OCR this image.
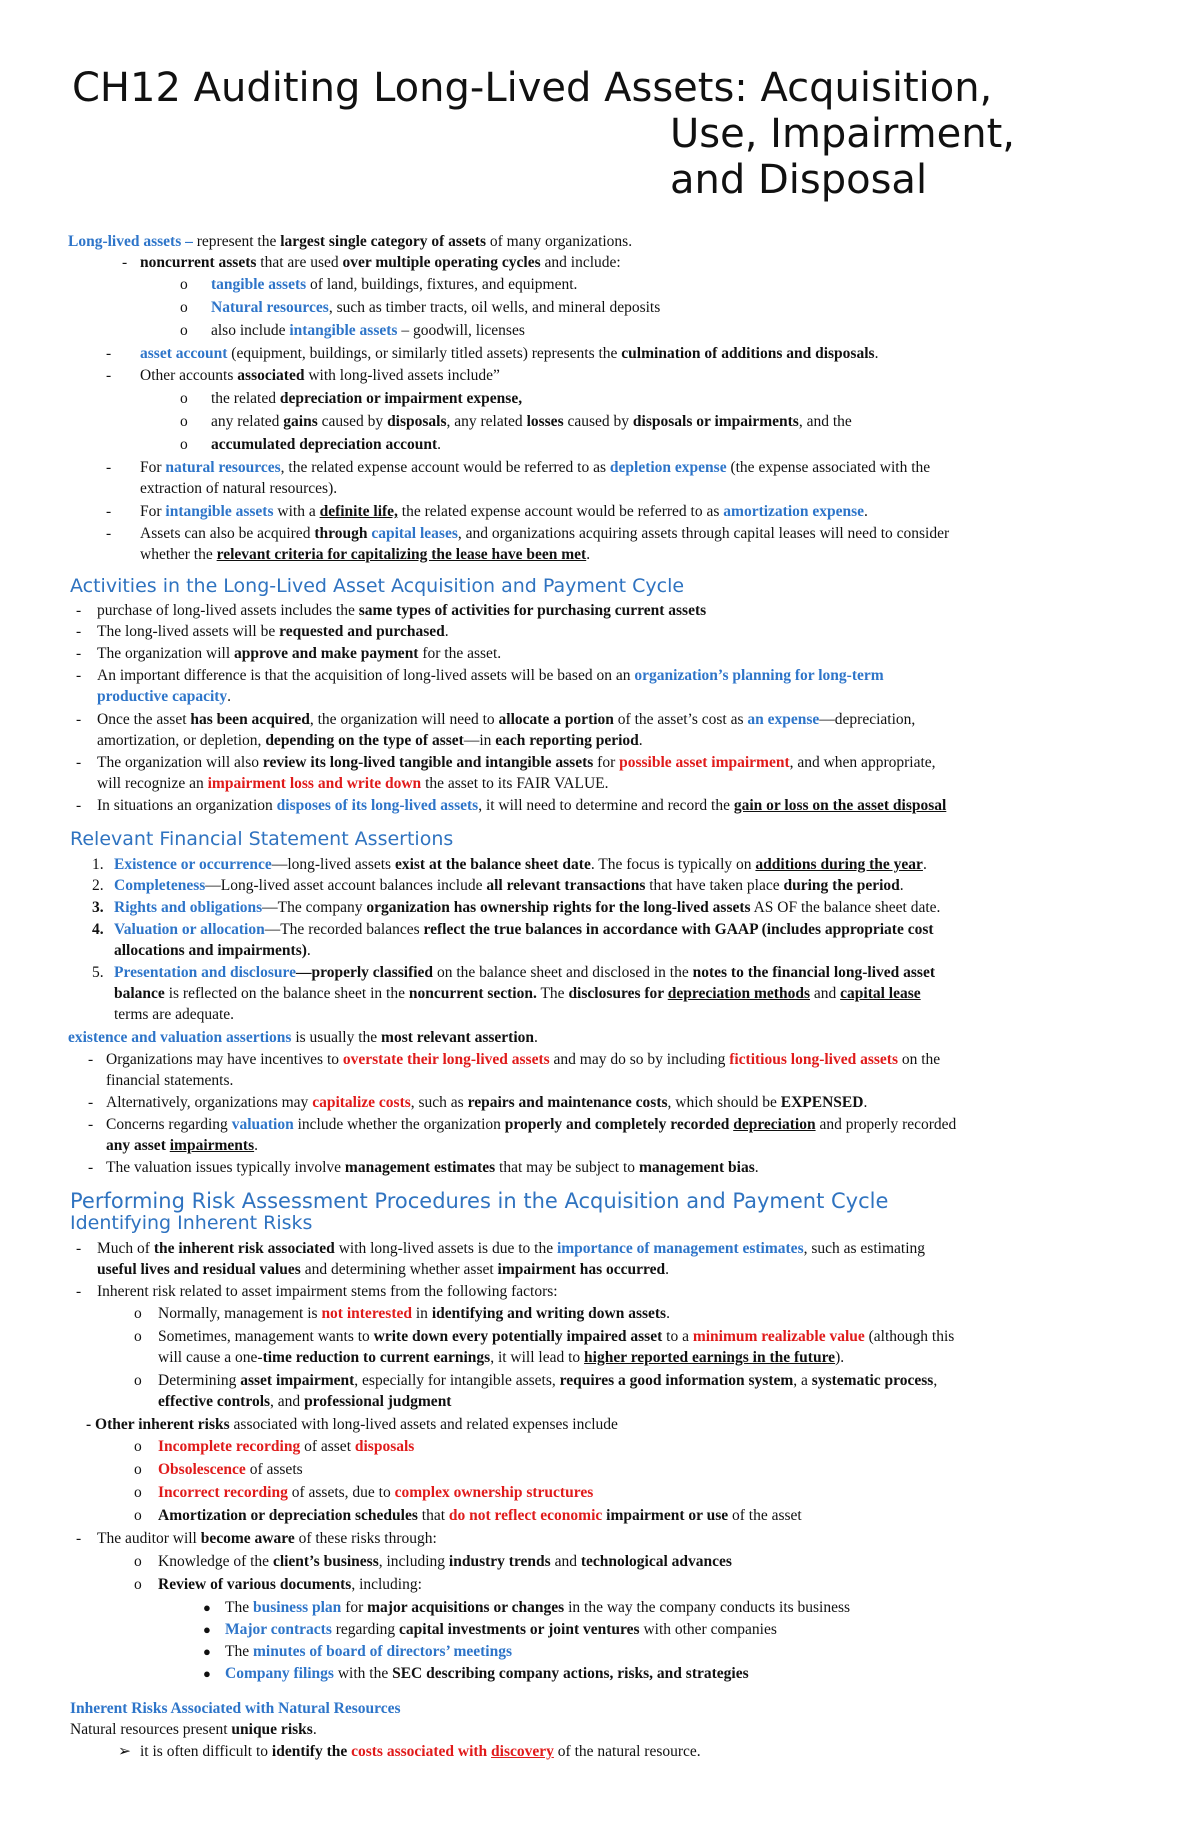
CH12 Auditing Long-Lived Assets: Acquisition,
Use, Impairment,
and Disposal
Long-lived assets – represent the largest single category of assets of many organizations.
- noncurrent assets that are used over multiple operating cycles and include:
o tangible assets of land, buildings, fixtures, and equipment.
o Natural resources, such as timber tracts, oil wells, and mineral deposits
o also include intangible assets – goodwill, licenses
- asset account (equipment, buildings, or similarly titled assets) represents the culmination of additions and disposals.
- Other accounts associated with long-lived assets include”
o the related depreciation or impairment expense,
o any related gains caused by disposals, any related losses caused by disposals or impairments, and the
o accumulated depreciation account.
- For natural resources, the related expense account would be referred to as depletion expense (the expense associated with the
extraction of natural resources).
- For intangible assets with a definite life, the related expense account would be referred to as amortization expense.
- Assets can also be acquired through capital leases, and organizations acquiring assets through capital leases will need to consider
whether the relevant criteria for capitalizing the lease have been met.
Activities in the Long-Lived Asset Acquisition and Payment Cycle
- purchase of long-lived assets includes the same types of activities for purchasing current assets
- The long-lived assets will be requested and purchased.
- The organization will approve and make payment for the asset.
- An important difference is that the acquisition of long-lived assets will be based on an organization’s planning for long-term
productive capacity.
- Once the asset has been acquired, the organization will need to allocate a portion of the asset’s cost as an expense—depreciation,
amortization, or depletion, depending on the type of asset—in each reporting period.
- The organization will also review its long-lived tangible and intangible assets for possible asset impairment, and when appropriate,
will recognize an impairment loss and write down the asset to its FAIR VALUE.
- In situations an organization disposes of its long-lived assets, it will need to determine and record the gain or loss on the asset disposal
Relevant Financial Statement Assertions
1. Existence or occurrence—long-lived assets exist at the balance sheet date. The focus is typically on additions during the year.
2. Completeness—Long-lived asset account balances include all relevant transactions that have taken place during the period.
3. Rights and obligations—The company organization has ownership rights for the long-lived assets AS OF the balance sheet date.
4. Valuation or allocation—The recorded balances reflect the true balances in accordance with GAAP (includes appropriate cost
allocations and impairments).
5. Presentation and disclosure—properly classified on the balance sheet and disclosed in the notes to the financial long-lived asset
balance is reflected on the balance sheet in the noncurrent section. The disclosures for depreciation methods and capital lease
terms are adequate.
existence and valuation assertions is usually the most relevant assertion.
- Organizations may have incentives to overstate their long-lived assets and may do so by including fictitious long-lived assets on the
financial statements.
- Alternatively, organizations may capitalize costs, such as repairs and maintenance costs, which should be EXPENSED.
- Concerns regarding valuation include whether the organization properly and completely recorded depreciation and properly recorded
any asset impairments.
- The valuation issues typically involve management estimates that may be subject to management bias.
Performing Risk Assessment Procedures in the Acquisition and Payment Cycle
Identifying Inherent Risks
- Much of the inherent risk associated with long-lived assets is due to the importance of management estimates, such as estimating
useful lives and residual values and determining whether asset impairment has occurred.
- Inherent risk related to asset impairment stems from the following factors:
o Normally, management is not interested in identifying and writing down assets.
o Sometimes, management wants to write down every potentially impaired asset to a minimum realizable value (although this
will cause a one-time reduction to current earnings, it will lead to higher reported earnings in the future).
o Determining asset impairment, especially for intangible assets, requires a good information system, a systematic process,
effective controls, and professional judgment
- Other inherent risks associated with long-lived assets and related expenses include
o Incomplete recording of asset disposals
o Obsolescence of assets
o Incorrect recording of assets, due to complex ownership structures
o Amortization or depreciation schedules that do not reflect economic impairment or use of the asset
- The auditor will become aware of these risks through:
o Knowledge of the client’s business, including industry trends and technological advances
o Review of various documents, including:
● The business plan for major acquisitions or changes in the way the company conducts its business
● Major contracts regarding capital investments or joint ventures with other companies
● The minutes of board of directors’ meetings
● Company filings with the SEC describing company actions, risks, and strategies
Inherent Risks Associated with Natural Resources
Natural resources present unique risks.
➢ it is often difficult to identify the costs associated with discovery of the natural resource.
